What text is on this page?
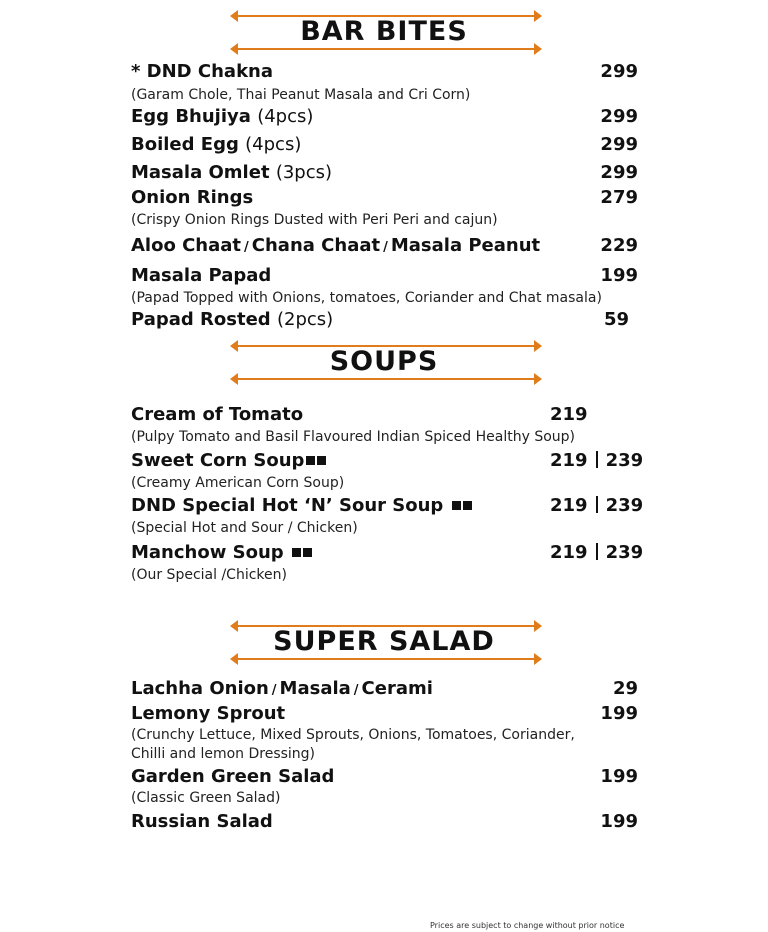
BAR BITES
* DND Chakna	299
(Garam Chole, Thai Peanut Masala and Cri Corn)
Egg Bhujiya (4pcs)	299
Boiled Egg (4pcs)	299
Masala Omlet (3pcs)	299
Onion Rings	279
(Crispy Onion Rings Dusted with Peri Peri and cajun)
Aloo Chaat / Chana Chaat / Masala Peanut	229
Masala Papad	199
(Papad Topped with Onions, tomatoes, Coriander and Chat masala)
Papad Rosted (2pcs)	59
SOUPS
Cream of Tomato	219
(Pulpy Tomato and Basil Flavoured Indian Spiced Healthy Soup)
Sweet Corn Soup	219 239
(Creamy American Corn Soup)
DND Special Hot ‘N’ Sour Soup	219 239
(Special Hot and Sour / Chicken)
Manchow Soup	219 239
(Our Special /Chicken)
SUPER SALAD
Lachha Onion / Masala / Cerami	29
Lemony Sprout	199
(Crunchy Lettuce, Mixed Sprouts, Onions, Tomatoes, Coriander,
Chilli and lemon Dressing)
Garden Green Salad	199
(Classic Green Salad)
Russian Salad	199
Prices are subject to change without prior notice
